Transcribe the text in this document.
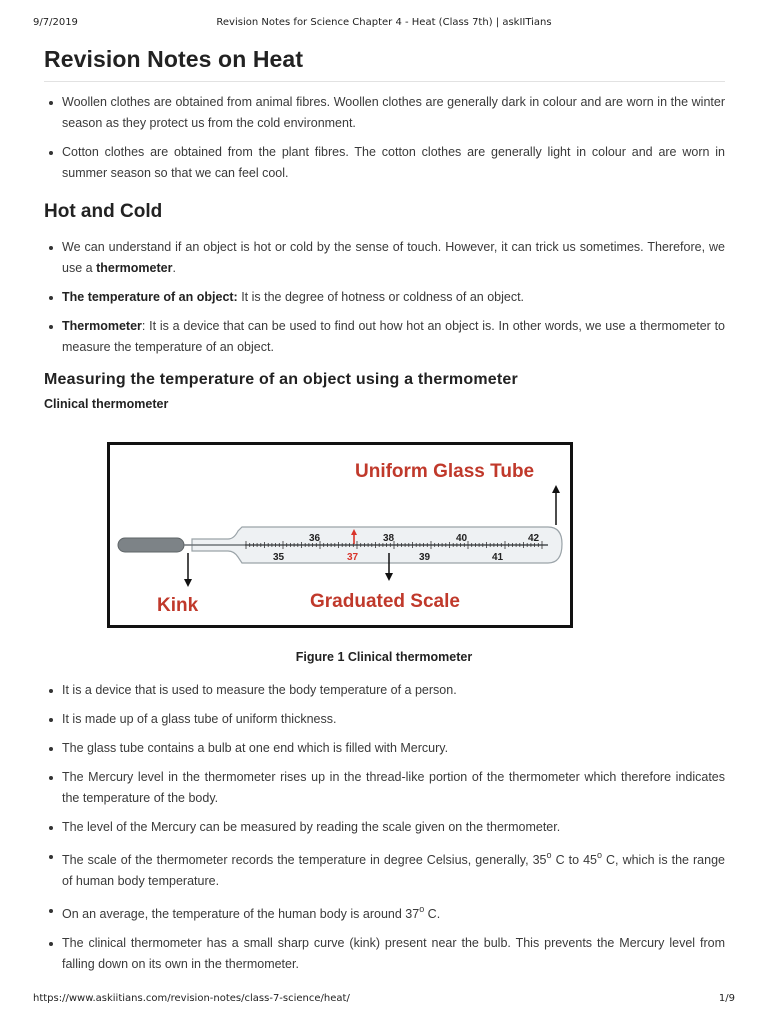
9/7/2019	Revision Notes for Science Chapter 4 - Heat (Class 7th) | askIITians
Revision Notes on Heat
Woollen clothes are obtained from animal fibres. Woollen clothes are generally dark in colour and are worn in the winter season as they protect us from the cold environment.
Cotton clothes are obtained from the plant fibres. The cotton clothes are generally light in colour and are worn in summer season so that we can feel cool.
Hot and Cold
We can understand if an object is hot or cold by the sense of touch. However, it can trick us sometimes. Therefore, we use a thermometer.
The temperature of an object: It is the degree of hotness or coldness of an object.
Thermometer: It is a device that can be used to find out how hot an object is. In other words, we use a thermometer to measure the temperature of an object.
Measuring the temperature of an object using a thermometer
Clinical thermometer
Uniform Glass Tube
36	38	40	42
35	37	39	41
Kink	Graduated Scale
Figure 1 Clinical thermometer
It is a device that is used to measure the body temperature of a person.
It is made up of a glass tube of uniform thickness.
The glass tube contains a bulb at one end which is filled with Mercury.
The Mercury level in the thermometer rises up in the thread-like portion of the thermometer which therefore indicates the temperature of the body.
The level of the Mercury can be measured by reading the scale given on the thermometer.
The scale of the thermometer records the temperature in degree Celsius, generally, 35$^o$ C to 45$^o$ C, which is the range of human body temperature.
On an average, the temperature of the human body is around 37$^o$ C.
The clinical thermometer has a small sharp curve (kink) present near the bulb. This prevents the Mercury level from falling down on its own in the thermometer.
https://www.askiitians.com/revision-notes/class-7-science/heat/	1/9
